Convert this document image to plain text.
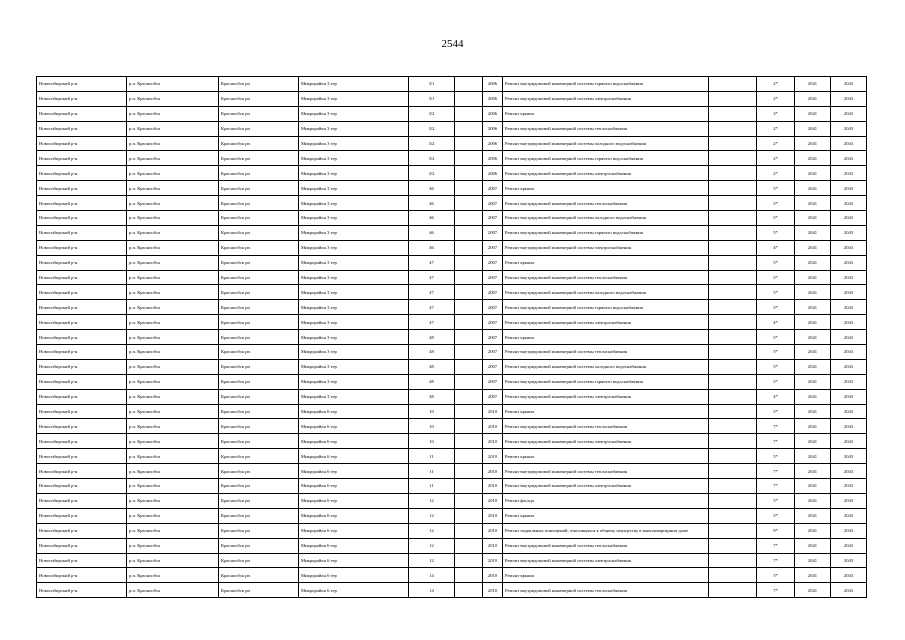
2544
Новосибирский р-н	р.п. Краснообск	Краснообск рп	Микрорайон 3 тер	3/1		2006	Ремонт внутридомовой инженерной системы горячего водоснабжения		2*	2041	2043
Новосибирский р-н	р.п. Краснообск	Краснообск рп	Микрорайон 3 тер	3/1		2006	Ремонт внутридомовой инженерной системы электроснабжения		2*	2041	2043
Новосибирский р-н	р.п. Краснообск	Краснообск рп	Микрорайон 3 тер	3/2		2006	Ремонт крыши		3*	2041	2043
Новосибирский р-н	р.п. Краснообск	Краснообск рп	Микрорайон 3 тер	3/2		2006	Ремонт внутридомовой инженерной системы теплоснабжения		2*	2041	2043
Новосибирский р-н	р.п. Краснообск	Краснообск рп	Микрорайон 3 тер	3/2		2006	Ремонт внутридомовой инженерной системы холодного водоснабжения		2*	2041	2043
Новосибирский р-н	р.п. Краснообск	Краснообск рп	Микрорайон 3 тер	3/2		2006	Ремонт внутридомовой инженерной системы горячего водоснабжения		2*	2041	2043
Новосибирский р-н	р.п. Краснообск	Краснообск рп	Микрорайон 3 тер	3/2		2006	Ремонт внутридомовой инженерной системы электроснабжения		2*	2041	2043
Новосибирский р-н	р.п. Краснообск	Краснообск рп	Микрорайон 3 тер	46		2007	Ремонт крыши		5*	2041	2043
Новосибирский р-н	р.п. Краснообск	Краснообск рп	Микрорайон 3 тер	46		2007	Ремонт внутридомовой инженерной системы теплоснабжения		5*	2041	2043
Новосибирский р-н	р.п. Краснообск	Краснообск рп	Микрорайон 3 тер	46		2007	Ремонт внутридомовой инженерной системы холодного водоснабжения		5*	2041	2043
Новосибирский р-н	р.п. Краснообск	Краснообск рп	Микрорайон 3 тер	46		2007	Ремонт внутридомовой инженерной системы горячего водоснабжения		5*	2041	2043
Новосибирский р-н	р.п. Краснообск	Краснообск рп	Микрорайон 3 тер	46		2007	Ремонт внутридомовой инженерной системы электроснабжения		4*	2041	2043
Новосибирский р-н	р.п. Краснообск	Краснообск рп	Микрорайон 3 тер	47		2007	Ремонт крыши		5*	2041	2043
Новосибирский р-н	р.п. Краснообск	Краснообск рп	Микрорайон 3 тер	47		2007	Ремонт внутридомовой инженерной системы теплоснабжения		5*	2041	2043
Новосибирский р-н	р.п. Краснообск	Краснообск рп	Микрорайон 3 тер	47		2007	Ремонт внутридомовой инженерной системы холодного водоснабжения		5*	2041	2043
Новосибирский р-н	р.п. Краснообск	Краснообск рп	Микрорайон 3 тер	47		2007	Ремонт внутридомовой инженерной системы горячего водоснабжения		5*	2041	2043
Новосибирский р-н	р.п. Краснообск	Краснообск рп	Микрорайон 3 тер	47		2007	Ремонт внутридомовой инженерной системы электроснабжения		4*	2041	2043
Новосибирский р-н	р.п. Краснообск	Краснообск рп	Микрорайон 3 тер	48		2007	Ремонт крыши		5*	2041	2043
Новосибирский р-н	р.п. Краснообск	Краснообск рп	Микрорайон 3 тер	48		2007	Ремонт внутридомовой инженерной системы теплоснабжения		5*	2041	2043
Новосибирский р-н	р.п. Краснообск	Краснообск рп	Микрорайон 3 тер	48		2007	Ремонт внутридомовой инженерной системы холодного водоснабжения		5*	2041	2043
Новосибирский р-н	р.п. Краснообск	Краснообск рп	Микрорайон 3 тер	48		2007	Ремонт внутридомовой инженерной системы горячего водоснабжения		5*	2041	2043
Новосибирский р-н	р.п. Краснообск	Краснообск рп	Микрорайон 3 тер	48		2007	Ремонт внутридомовой инженерной системы электроснабжения		4*	2041	2043
Новосибирский р-н	р.п. Краснообск	Краснообск рп	Микрорайон 6 тер	10		2010	Ремонт крыши		5*	2041	2043
Новосибирский р-н	р.п. Краснообск	Краснообск рп	Микрорайон 6 тер	10		2010	Ремонт внутридомовой инженерной системы теплоснабжения		7*	2041	2043
Новосибирский р-н	р.п. Краснообск	Краснообск рп	Микрорайон 6 тер	10		2010	Ремонт внутридомовой инженерной системы электроснабжения		7*	2041	2043
Новосибирский р-н	р.п. Краснообск	Краснообск рп	Микрорайон 6 тер	11		2010	Ремонт крыши		5*	2041	2043
Новосибирский р-н	р.п. Краснообск	Краснообск рп	Микрорайон 6 тер	11		2010	Ремонт внутридомовой инженерной системы теплоснабжения		7*	2041	2043
Новосибирский р-н	р.п. Краснообск	Краснообск рп	Микрорайон 6 тер	11		2010	Ремонт внутридомовой инженерной системы электроснабжения		7*	2041	2043
Новосибирский р-н	р.п. Краснообск	Краснообск рп	Микрорайон 6 тер	12		2010	Ремонт фасада		5*	2041	2043
Новосибирский р-н	р.п. Краснообск	Краснообск рп	Микрорайон 6 тер	12		2010	Ремонт крыши		5*	2041	2043
Новосибирский р-н	р.п. Краснообск	Краснообск рп	Микрорайон 6 тер	12		2010	Ремонт подвальных помещений, относящихся к общему имуществу в многоквартирном доме		9*	2041	2043
Новосибирский р-н	р.п. Краснообск	Краснообск рп	Микрорайон 6 тер	12		2010	Ремонт внутридомовой инженерной системы теплоснабжения		7*	2041	2043
Новосибирский р-н	р.п. Краснообск	Краснообск рп	Микрорайон 6 тер	12		2010	Ремонт внутридомовой инженерной системы электроснабжения		7*	2041	2043
Новосибирский р-н	р.п. Краснообск	Краснообск рп	Микрорайон 6 тер	14		2010	Ремонт крыши		5*	2041	2043
Новосибирский р-н	р.п. Краснообск	Краснообск рп	Микрорайон 6 тер	14		2010	Ремонт внутридомовой инженерной системы теплоснабжения		7*	2041	2043
